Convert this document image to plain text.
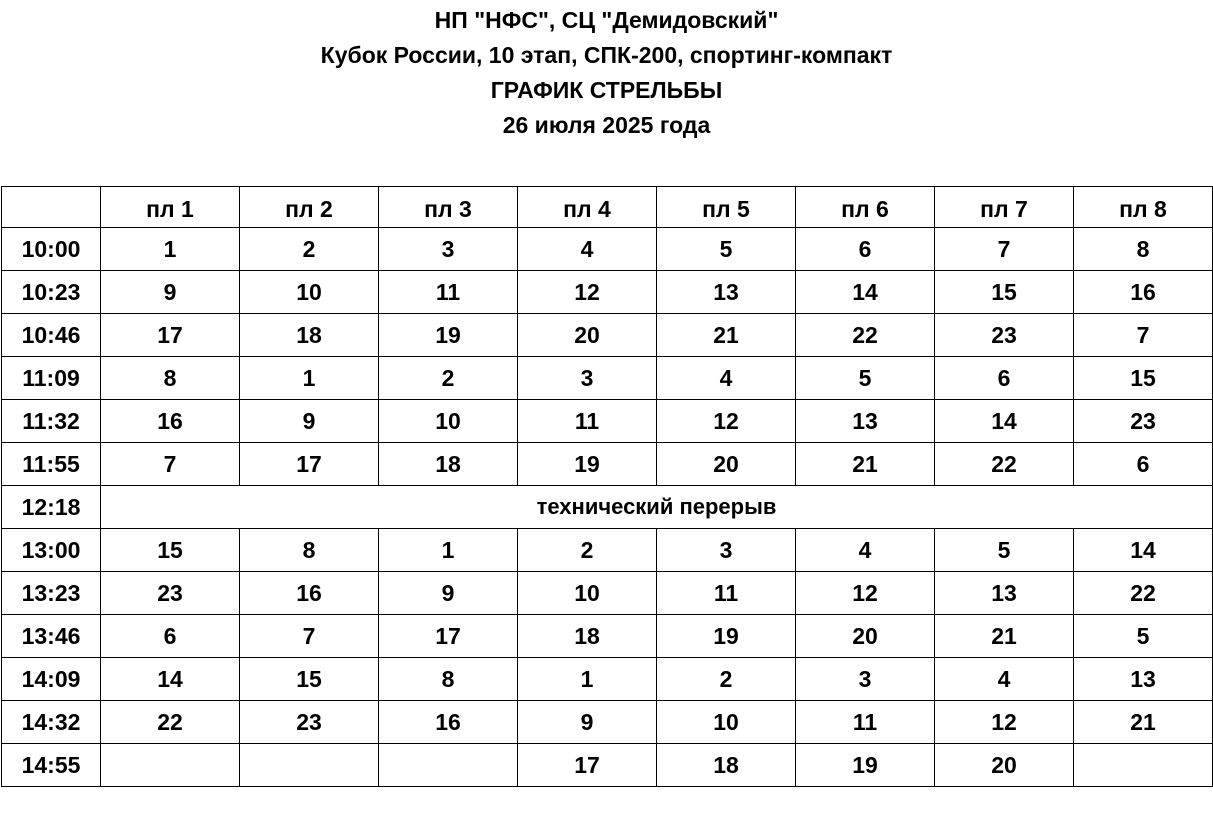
НП "НФС", СЦ "Демидовский"
Кубок России, 10 этап, СПК-200, спортинг-компакт
ГРАФИК СТРЕЛЬБЫ
26 июля 2025 года
	пл 1	пл 2	пл 3	пл 4	пл 5	пл 6	пл 7	пл 8
10:00	1	2	3	4	5	6	7	8
10:23	9	10	11	12	13	14	15	16
10:46	17	18	19	20	21	22	23	7
11:09	8	1	2	3	4	5	6	15
11:32	16	9	10	11	12	13	14	23
11:55	7	17	18	19	20	21	22	6
12:18	технический перерыв							
13:00	15	8	1	2	3	4	5	14
13:23	23	16	9	10	11	12	13	22
13:46	6	7	17	18	19	20	21	5
14:09	14	15	8	1	2	3	4	13
14:32	22	23	16	9	10	11	12	21
14:55				17	18	19	20	
